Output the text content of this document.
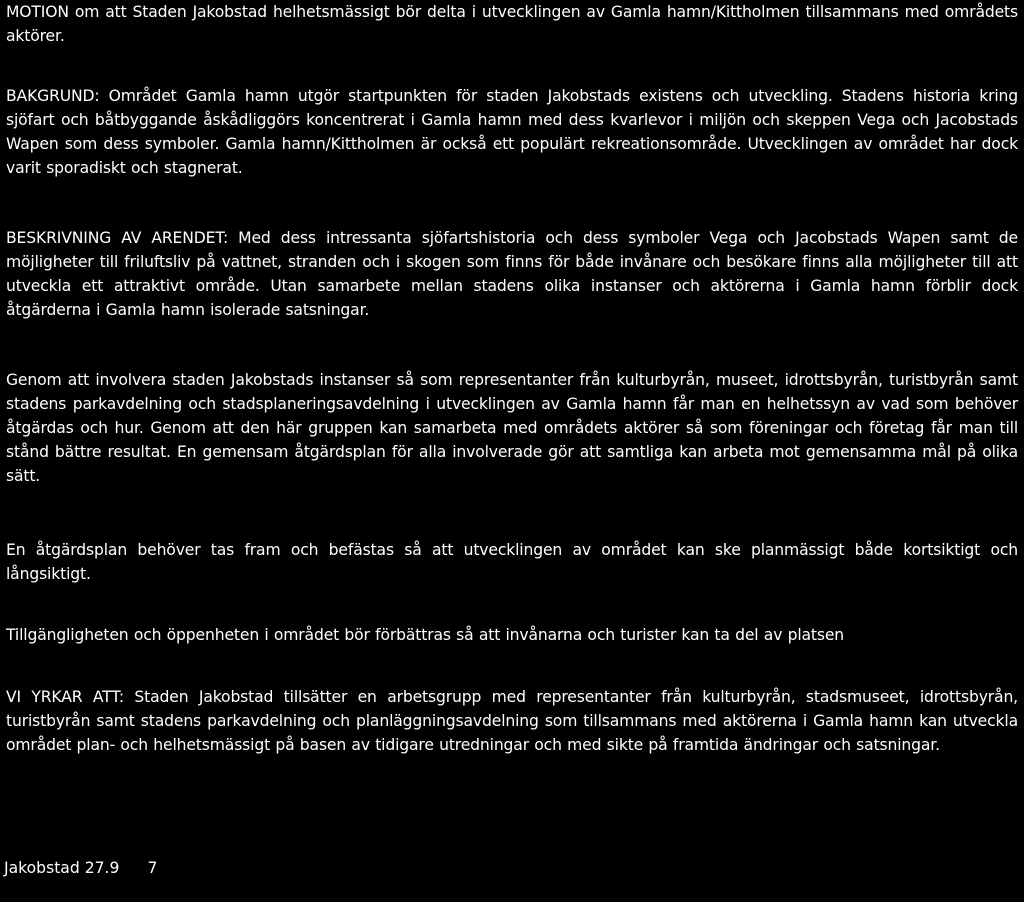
MOTION om att Staden Jakobstad helhetsmässigt bör delta i utvecklingen av Gamla hamn/Kittholmen tillsammans med områdets aktörer.

BAKGRUND: Området Gamla hamn utgör startpunkten för staden Jakobstads existens och utveckling. Stadens historia kring sjöfart och båtbyggande åskådliggörs koncentrerat i Gamla hamn med dess kvarlevor i miljön och skeppen Vega och Jacobstads Wapen som dess symboler. Gamla hamn/Kittholmen är också ett populärt rekreationsområde. Utvecklingen av området har dock varit sporadiskt och stagnerat.

BESKRIVNING AV ARENDET: Med dess intressanta sjöfartshistoria och dess symboler Vega och Jacobstads Wapen samt de möjligheter till friluftsliv på vattnet, stranden och i skogen som finns för både invånare och besökare finns alla möjligheter till att utveckla ett attraktivt område. Utan samarbete mellan stadens olika instanser och aktörerna i Gamla hamn förblir dock åtgärderna i Gamla hamn isolerade satsningar.

Genom att involvera staden Jakobstads instanser så som representanter från kulturbyrån, museet, idrottsbyrån, turistbyrån samt stadens parkavdelning och stadsplaneringsavdelning i utvecklingen av Gamla hamn får man en helhetssyn av vad som behöver åtgärdas och hur. Genom att den här gruppen kan samarbeta med områdets aktörer så som föreningar och företag får man till stånd bättre resultat. En gemensam åtgärdsplan för alla involverade gör att samtliga kan arbeta mot gemensamma mål på olika sätt.

En åtgärdsplan behöver tas fram och befästas så att utvecklingen av området kan ske planmässigt både kortsiktigt och långsiktigt.

Tillgängligheten och öppenheten i området bör förbättras så att invånarna och turister kan ta del av platsen

VI YRKAR ATT: Staden Jakobstad tillsätter en arbetsgrupp med representanter från kulturbyrån, stadsmuseet, idrottsbyrån, turistbyrån samt stadens parkavdelning och planläggningsavdelning som tillsammans med aktörerna i Gamla hamn kan utveckla området plan- och helhetsmässigt på basen av tidigare utredningar och med sikte på framtida ändringar och satsningar.

Jakobstad 27.9 7
